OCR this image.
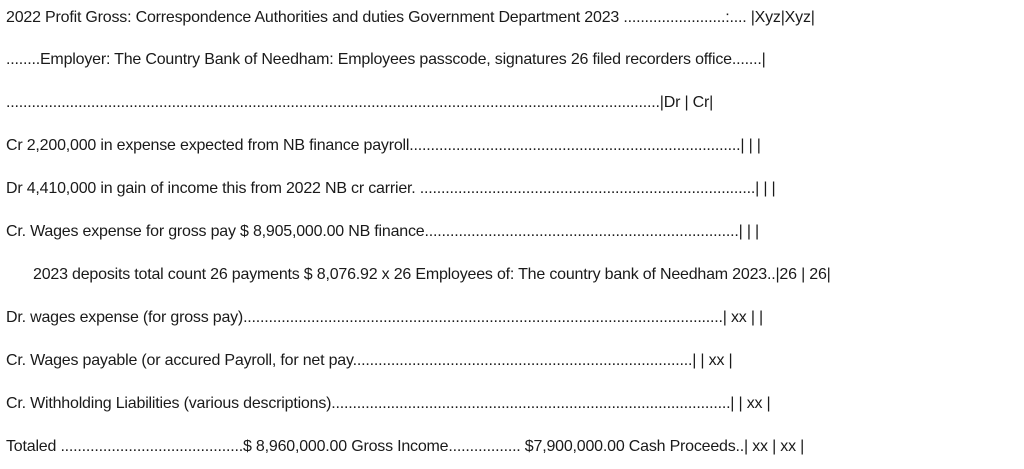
2022 Profit Gross: Correspondence Authorities and duties Government Department 2023 ........................:.... |Xyz|Xyz|
........Employer: The Country Bank of Needham: Employees passcode, signatures 26 filed recorders office.......|
..........................................................................................................................................................|Dr | Cr|
Cr 2,200,000 in expense expected from NB finance payroll..............................................................................| | |
Dr 4,410,000 in gain of income this from 2022 NB cr carrier. ...............................................................................| | |
Cr. Wages expense for gross pay $ 8,905,000.00 NB finance..........................................................................| | |
2023 deposits total count 26 payments $ 8,076.92 x 26 Employees of: The country bank of Needham 2023..|26 | 26|
Dr. wages expense (for gross pay).................................................................................................................| xx | |
Cr. Wages payable (or accured Payroll, for net pay................................................................................| | xx |
Cr. Withholding Liabilities (various descriptions)..............................................................................................| | xx |
Totaled ...........................................$ 8,960,000.00 Gross Income................. $7,900,000.00 Cash Proceeds..| xx | xx |
